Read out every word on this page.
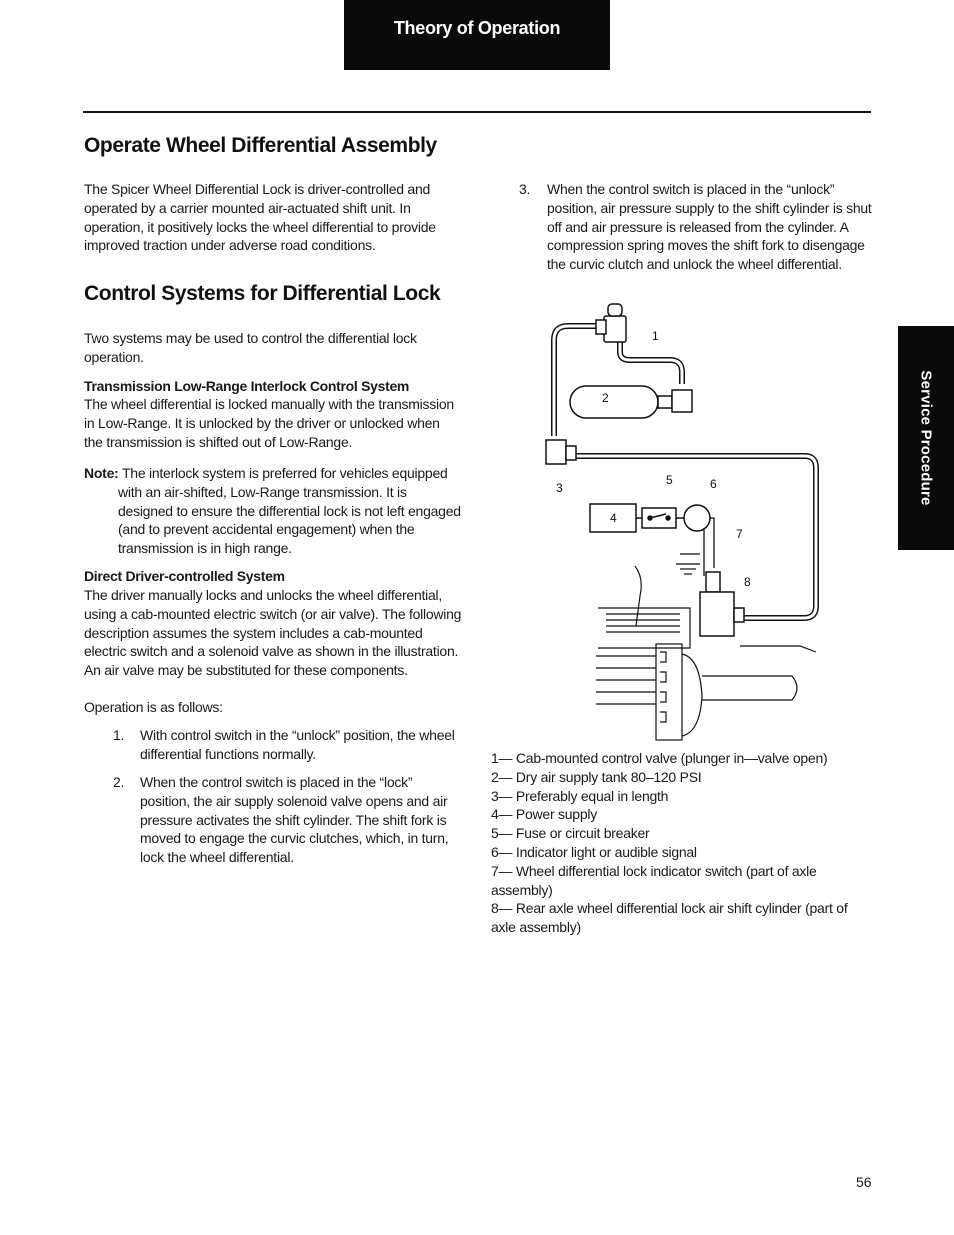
Theory of Operation
Service Procedure
Operate Wheel Differential Assembly

The Spicer Wheel Differential Lock is driver-controlled and operated by a carrier mounted air-actuated shift unit. In operation, it positively locks the wheel differential to provide improved traction under adverse road conditions.

Control Systems for Differential Lock

Two systems may be used to control the differential lock operation.

Transmission Low-Range Interlock Control System

The wheel differential is locked manually with the transmission in Low-Range. It is unlocked by the driver or unlocked when the transmission is shifted out of Low-Range.

Note: The interlock system is preferred for vehicles equipped with an air-shifted, Low-Range transmission. It is designed to ensure the differential lock is not left engaged (and to prevent accidental engagement) when the transmission is in high range.

Direct Driver-controlled System

The driver manually locks and unlocks the wheel differential, using a cab-mounted electric switch (or air valve). The following description assumes the system includes a cab-mounted electric switch and a solenoid valve as shown in the illustration. An air valve may be substituted for these components.

Operation is as follows:

1. With control switch in the “unlock” position, the wheel differential functions normally.
2. When the control switch is placed in the “lock” position, the air supply solenoid valve opens and air pressure activates the shift cylinder. The shift fork is moved to engage the curvic clutches, which, in turn, lock the wheel differential.
3. When the control switch is placed in the “unlock” position, air pressure supply to the shift cylinder is shut off and air pressure is released from the cylinder. A compression spring moves the shift fork to disengage the curvic clutch and unlock the wheel differential.
1
2
3
4
5	6
7
8
1— Cab-mounted control valve (plunger in—valve open)
2— Dry air supply tank 80–120 PSI
3— Preferably equal in length
4— Power supply
5— Fuse or circuit breaker
6— Indicator light or audible signal
7— Wheel differential lock indicator switch (part of axle assembly)
8— Rear axle wheel differential lock air shift cylinder (part of axle assembly)
56
